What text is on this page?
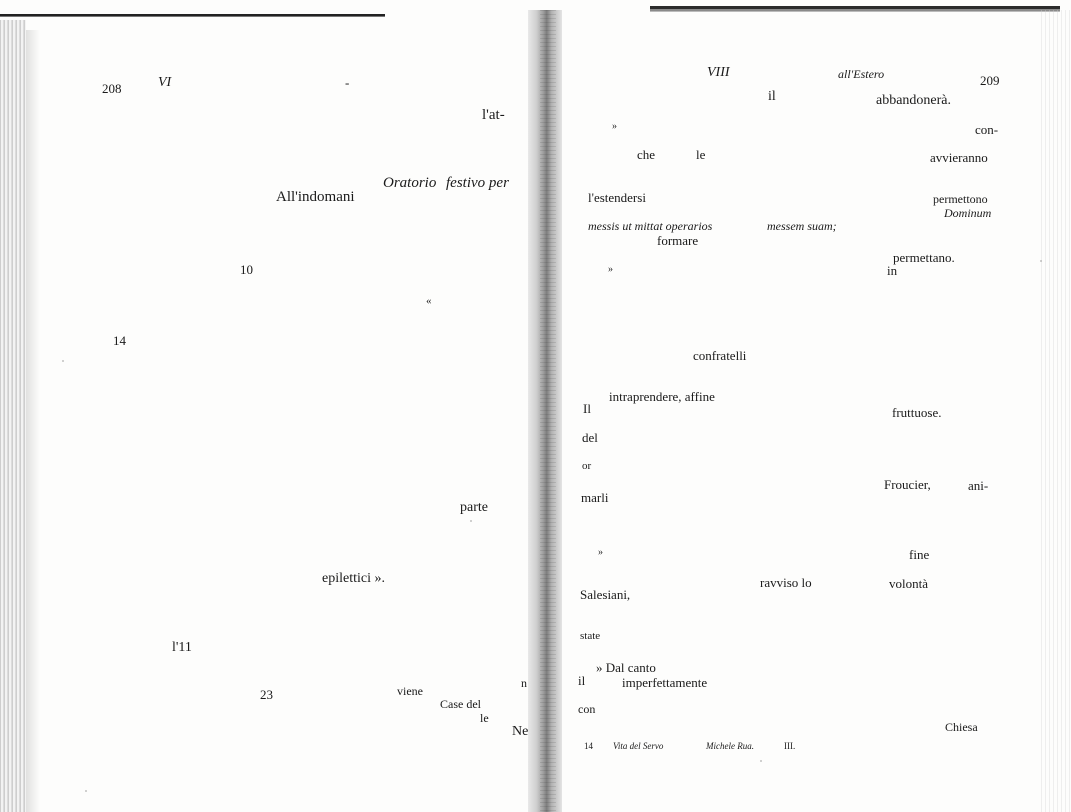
208	VI	-
l'at-
Oratorio festivo per
All'indomani
10
«
14
parte
epilettici ».
l'11
23	viene
Case del
le
n
Ne
VIII	all'Estero	209
il	abbandonerà.
»	con-
che	le	avvieranno
l'estendersi	permettono
Dominum
messis ut mittat operarios	messem suam;
formare
permettano.
in
»
confratelli
intraprendere, affine
Il	fruttuose.
del
or
Froucier,	ani-
marli
»	fine
ravviso lo	volontà
Salesiani,
state
» Dal canto
il	imperfettamente
con
Chiesa
14 Vita del Servo	Michele Rua.	III.
